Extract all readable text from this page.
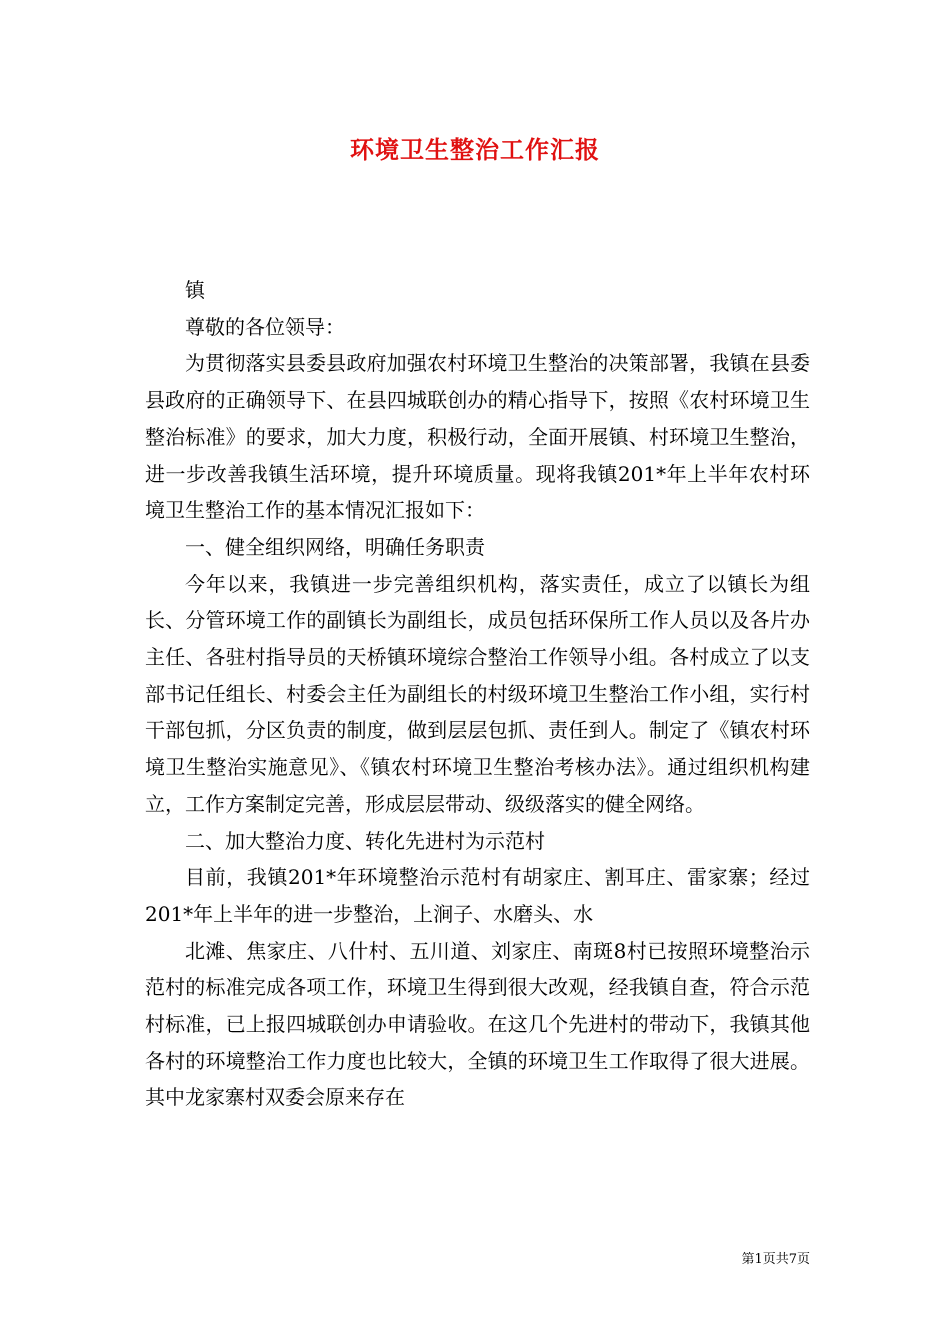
环境卫生整治工作汇报

镇

尊敬的各位领导：

为贯彻落实县委县政府加强农村环境卫生整治的决策部署，我镇在县委县政府的正确领导下、在县四城联创办的精心指导下，按照《农村环境卫生整治标准》的要求，加大力度，积极行动，全面开展镇、村环境卫生整治，进一步改善我镇生活环境，提升环境质量。现将我镇201*年上半年农村环境卫生整治工作的基本情况汇报如下：

一、健全组织网络，明确任务职责

今年以来，我镇进一步完善组织机构，落实责任，成立了以镇长为组长、分管环境工作的副镇长为副组长，成员包括环保所工作人员以及各片办主任、各驻村指导员的天桥镇环境综合整治工作领导小组。各村成立了以支部书记任组长、村委会主任为副组长的村级环境卫生整治工作小组，实行村干部包抓，分区负责的制度，做到层层包抓、责任到人。制定了《镇农村环境卫生整治实施意见》、《镇农村环境卫生整治考核办法》。通过组织机构建立，工作方案制定完善，形成层层带动、级级落实的健全网络。

二、加大整治力度、转化先进村为示范村

目前，我镇201*年环境整治示范村有胡家庄、割耳庄、雷家寨；经过201*年上半年的进一步整治，上涧子、水磨头、水

北滩、焦家庄、八什村、五川道、刘家庄、南斑8村已按照环境整治示范村的标准完成各项工作，环境卫生得到很大改观，经我镇自查，符合示范村标准，已上报四城联创办申请验收。在这几个先进村的带动下，我镇其他各村的环境整治工作力度也比较大，全镇的环境卫生工作取得了很大进展。其中龙家寨村双委会原来存在

第1页共7页
